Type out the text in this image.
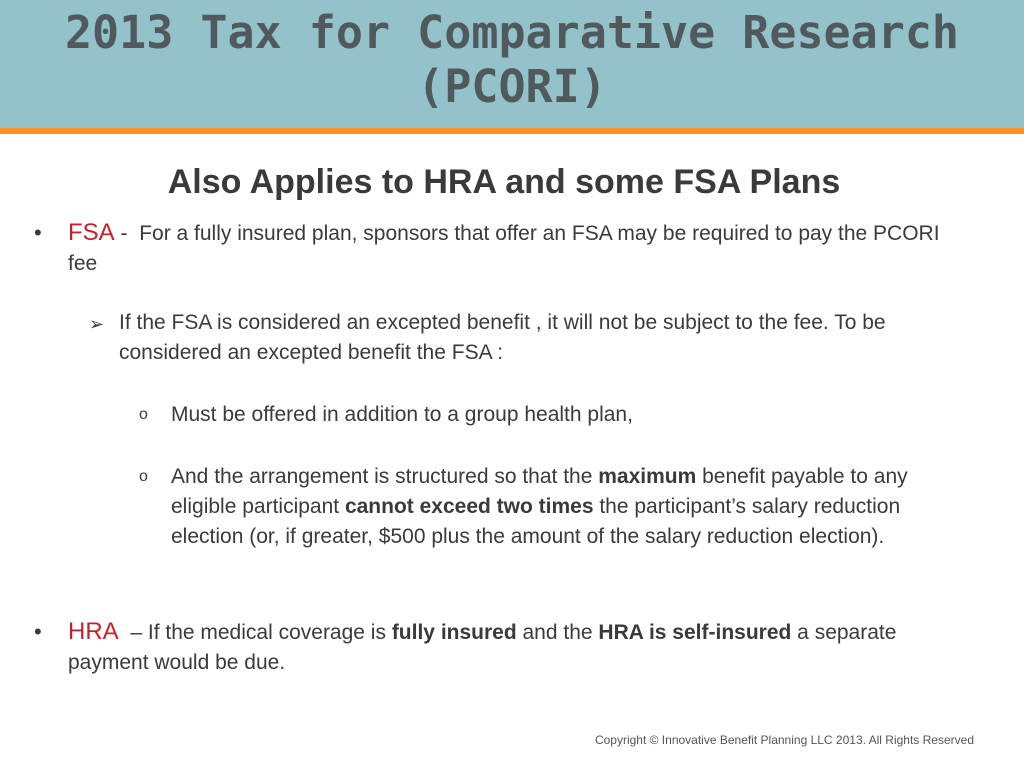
2013 Tax for Comparative Research
(PCORI)
Also Applies to HRA and some FSA Plans
• FSA -  For a fully insured plan, sponsors that offer an FSA may be required to pay the PCORI fee
➢ If the FSA is considered an excepted benefit , it will not be subject to the fee. To be considered an excepted benefit the FSA :
o Must be offered in addition to a group health plan,
o And the arrangement is structured so that the maximum benefit payable to any eligible participant cannot exceed two times the participant’s salary reduction election (or, if greater, $500 plus the amount of the salary reduction election).
• HRA  – If the medical coverage is fully insured and the HRA is self-insured a separate payment would be due.
Copyright © Innovative Benefit Planning LLC 2013. All Rights Reserved
